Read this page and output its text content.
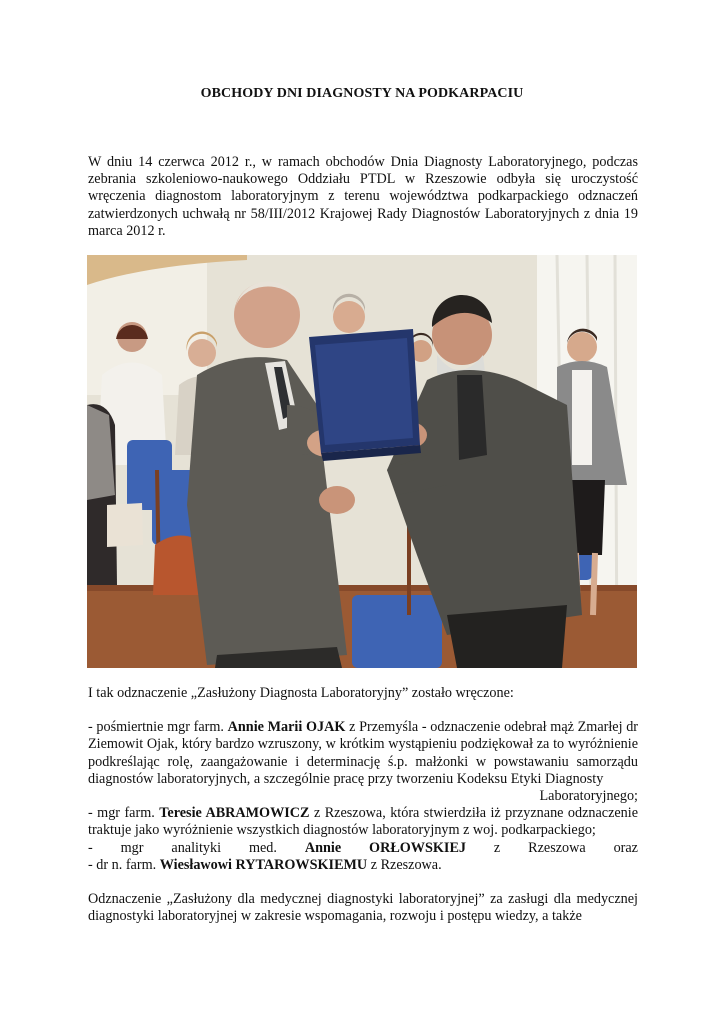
OBCHODY DNI DIAGNOSTY NA PODKARPACIU
W dniu 14 czerwca 2012 r., w ramach obchodów Dnia Diagnosty Laboratoryjnego, podczas zebrania szkoleniowo-naukowego Oddziału PTDL w Rzeszowie odbyła się uroczystość wręczenia diagnostom laboratoryjnym z terenu województwa podkarpackiego odznaczeń zatwierdzonych uchwałą nr 58/III/2012 Krajowej Rady Diagnostów Laboratoryjnych z dnia 19 marca 2012 r.

I tak odznaczenie „Zasłużony Diagnosta Laboratoryjny” zostało wręczone:

- pośmiertnie mgr farm. Annie Marii OJAK z Przemyśla - odznaczenie odebrał mąż Zmarłej dr Ziemowit Ojak, który bardzo wzruszony, w krótkim wystąpieniu podziękował za to wyróżnienie podkreślając rolę, zaangażowanie i determinację ś.p. małżonki w powstawaniu samorządu diagnostów laboratoryjnych, a szczególnie pracę przy tworzeniu Kodeksu Etyki Diagnosty

Laboratoryjnego;

- mgr farm. Teresie ABRAMOWICZ z Rzeszowa, która stwierdziła iż przyznane odznaczenie traktuje jako wyróżnienie wszystkich diagnostów laboratoryjnym z woj. podkarpackiego;

- mgr analityki med. Annie ORŁOWSKIEJ z Rzeszowa oraz

- dr n. farm. Wiesławowi RYTAROWSKIEMU z Rzeszowa.

Odznaczenie „Zasłużony dla medycznej diagnostyki laboratoryjnej” za zasługi dla medycznej diagnostyki laboratoryjnej w zakresie wspomagania, rozwoju i postępu wiedzy, a także
